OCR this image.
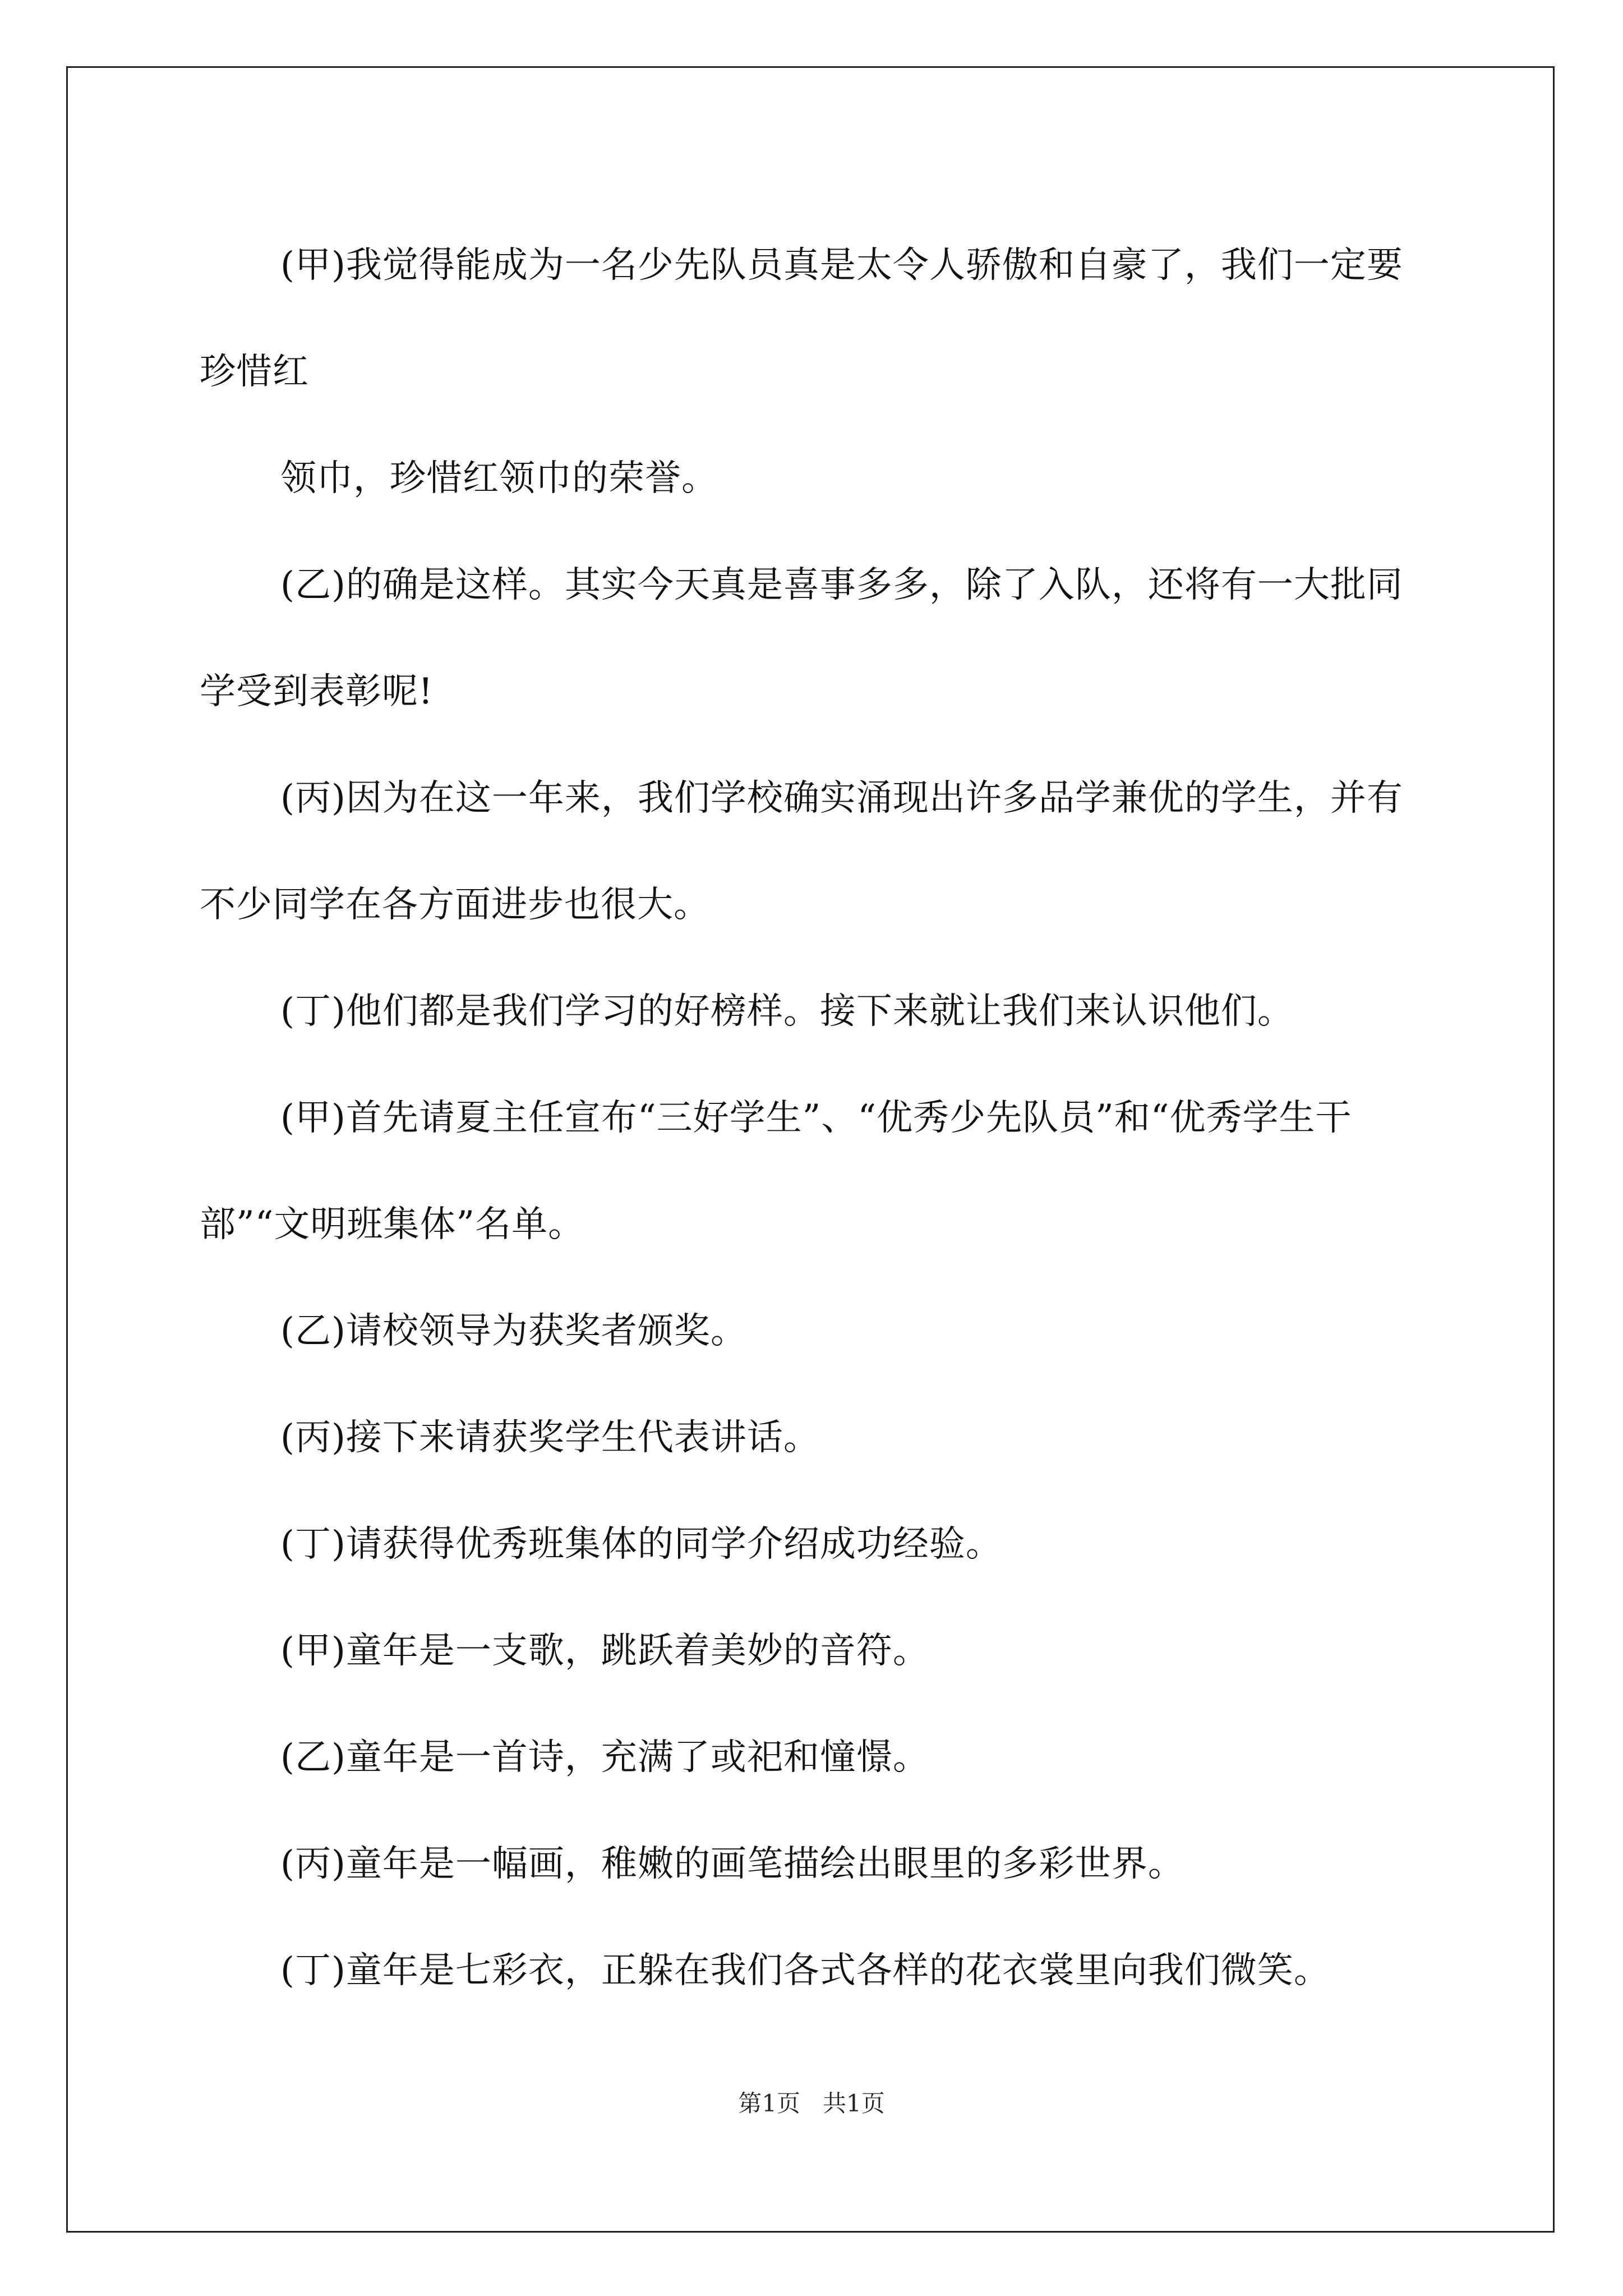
(甲)我觉得能成为一名少先队员真是太令人骄傲和自豪了，我们一定要珍惜红

领巾，珍惜红领巾的荣誉。

(乙)的确是这样。其实今天真是喜事多多，除了入队，还将有一大批同学受到表彰呢!

(丙)因为在这一年来，我们学校确实涌现出许多品学兼优的学生，并有不少同学在各方面进步也很大。

(丁)他们都是我们学习的好榜样。接下来就让我们来认识他们。

(甲)首先请夏主任宣布“三好学生”、“优秀少先队员”和“优秀学生干部”“文明班集体”名单。

(乙)请校领导为获奖者颁奖。

(丙)接下来请获奖学生代表讲话。

(丁)请获得优秀班集体的同学介绍成功经验。

(甲)童年是一支歌，跳跃着美妙的音符。

(乙)童年是一首诗，充满了或祀和憧憬。

(丙)童年是一幅画，稚嫩的画笔描绘出眼里的多彩世界。

(丁)童年是七彩衣，正躲在我们各式各样的花衣裳里向我们微笑。

第1页 共1页
